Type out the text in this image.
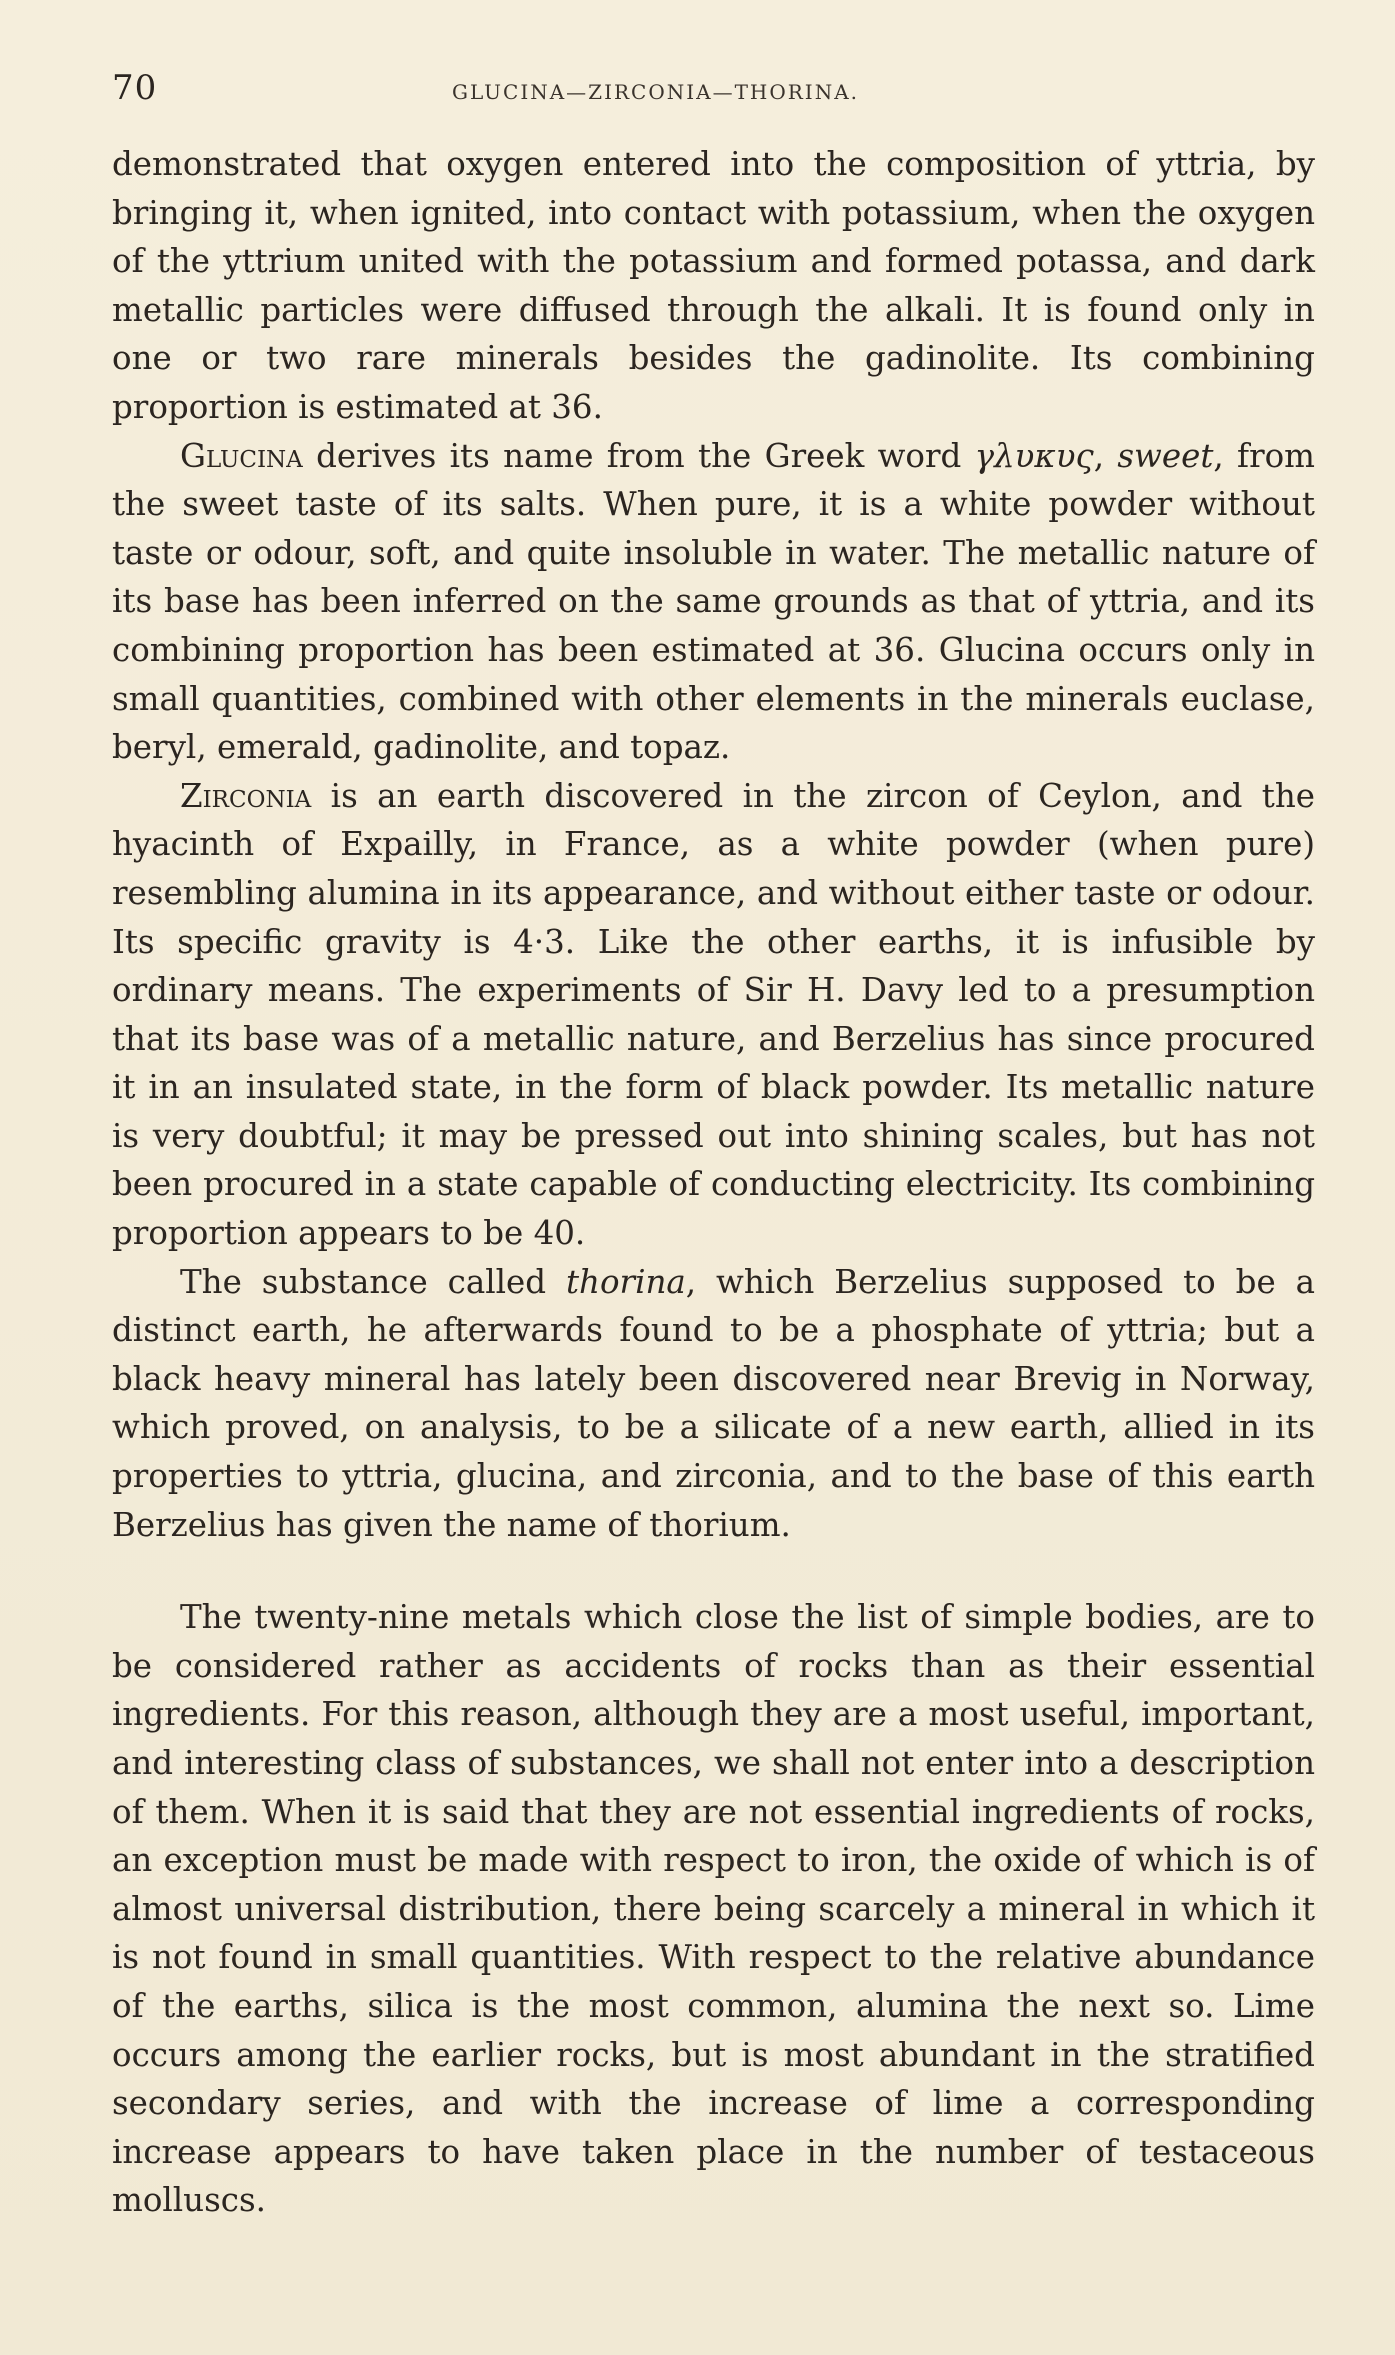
70	GLUCINA—ZIRCONIA—THORINA.

demonstrated that oxygen entered into the composition of yttria, by bringing it, when ignited, into contact with potassium, when the oxygen of the yttrium united with the potassium and formed potassa, and dark metallic particles were diffused through the alkali. It is found only in one or two rare minerals besides the gadinolite. Its combining proportion is estimated at 36.

Glucina derives its name from the Greek word γλυκυς, sweet, from the sweet taste of its salts. When pure, it is a white powder without taste or odour, soft, and quite insoluble in water. The metallic nature of its base has been inferred on the same grounds as that of yttria, and its combining proportion has been estimated at 36. Glucina occurs only in small quantities, combined with other elements in the minerals euclase, beryl, emerald, gadinolite, and topaz.

Zirconia is an earth discovered in the zircon of Ceylon, and the hyacinth of Expailly, in France, as a white powder (when pure) resembling alumina in its appearance, and without either taste or odour. Its specific gravity is 4·3. Like the other earths, it is infusible by ordinary means. The experiments of Sir H. Davy led to a presumption that its base was of a metallic nature, and Berzelius has since procured it in an insulated state, in the form of black powder. Its metallic nature is very doubtful; it may be pressed out into shining scales, but has not been procured in a state capable of conducting electricity. Its combining proportion appears to be 40.

The substance called thorina, which Berzelius supposed to be a distinct earth, he afterwards found to be a phosphate of yttria; but a black heavy mineral has lately been discovered near Brevig in Norway, which proved, on analysis, to be a silicate of a new earth, allied in its properties to yttria, glucina, and zirconia, and to the base of this earth Berzelius has given the name of thorium.

The twenty-nine metals which close the list of simple bodies, are to be considered rather as accidents of rocks than as their essential ingredients. For this reason, although they are a most useful, important, and interesting class of substances, we shall not enter into a description of them. When it is said that they are not essential ingredients of rocks, an exception must be made with respect to iron, the oxide of which is of almost universal distribution, there being scarcely a mineral in which it is not found in small quantities. With respect to the relative abundance of the earths, silica is the most common, alumina the next so. Lime occurs among the earlier rocks, but is most abundant in the stratified secondary series, and with the increase of lime a corresponding increase appears to have taken place in the number of testaceous molluscs.
